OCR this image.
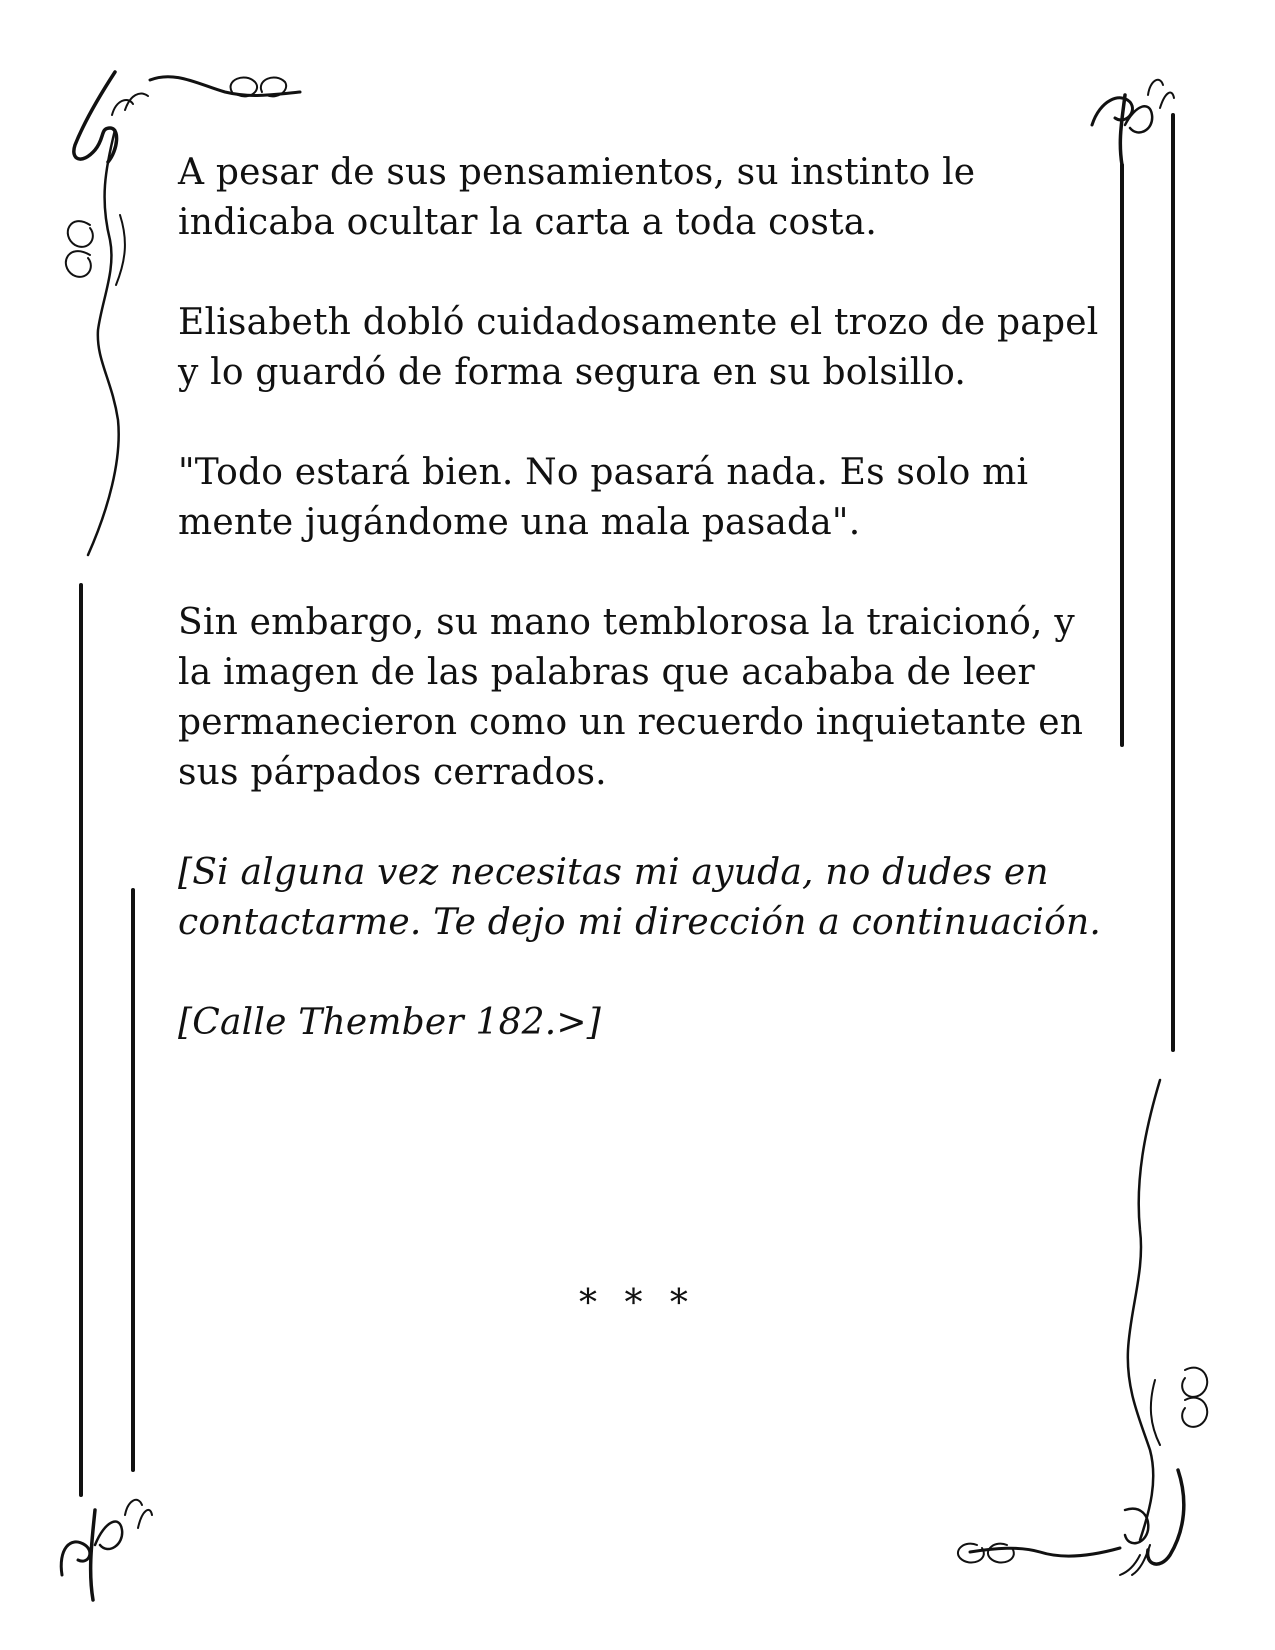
A pesar de sus pensamientos, su instinto le indicaba ocultar la carta a toda costa.

Elisabeth dobló cuidadosamente el trozo de papel y lo guardó de forma segura en su bolsillo.

"Todo estará bien. No pasará nada. Es solo mi mente jugándome una mala pasada".

Sin embargo, su mano temblorosa la traicionó, y la imagen de las palabras que acababa de leer permanecieron como un recuerdo inquietante en sus párpados cerrados.

[Si alguna vez necesitas mi ayuda, no dudes en contactarme. Te dejo mi dirección a continuación.

[Calle Thember 182.>]

* * *
